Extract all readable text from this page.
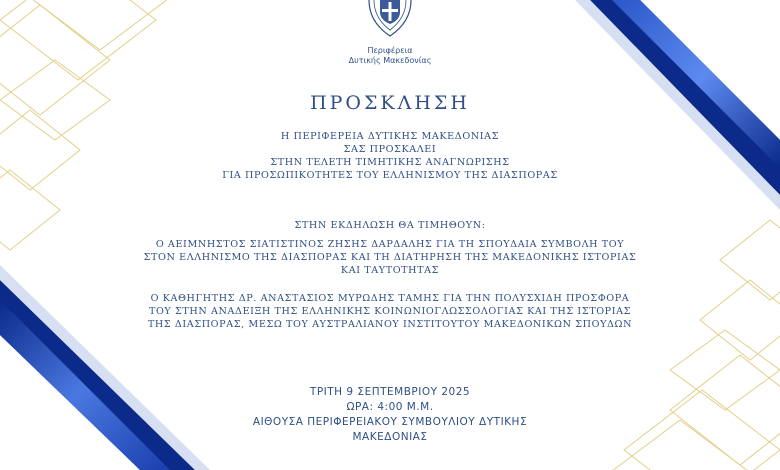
Περιφέρεια
Δυτικής Μακεδονίας
ΠΡΟΣΚΛΗΣΗ
Η ΠΕΡΙΦΕΡΕΙΑ ΔΥΤΙΚΗΣ ΜΑΚΕΔΟΝΙΑΣ
ΣΑΣ ΠΡΟΣΚΑΛΕΙ
ΣΤΗΝ ΤΕΛΕΤΗ ΤΙΜΗΤΙΚΗΣ ΑΝΑΓΝΩΡΙΣΗΣ
ΓΙΑ ΠΡΟΣΩΠΙΚΟΤΗΤΕΣ ΤΟΥ ΕΛΛΗΝΙΣΜΟΥ ΤΗΣ ΔΙΑΣΠΟΡΑΣ
ΣΤΗΝ ΕΚΔΗΛΩΣΗ ΘΑ ΤΙΜΗΘΟΥΝ:
Ο ΑΕΙΜΝΗΣΤΟΣ ΣΙΑΤΙΣΤΙΝΟΣ ΖΗΣΗΣ ΔΑΡΔΑΛΗΣ ΓΙΑ ΤΗ ΣΠΟΥΔΑΙΑ ΣΥΜΒΟΛΗ ΤΟΥ
ΣΤΟΝ ΕΛΛΗΝΙΣΜΟ ΤΗΣ ΔΙΑΣΠΟΡΑΣ ΚΑΙ ΤΗ ΔΙΑΤΗΡΗΣΗ ΤΗΣ ΜΑΚΕΔΟΝΙΚΗΣ ΙΣΤΟΡΙΑΣ
ΚΑΙ ΤΑΥΤΟΤΗΤΑΣ
Ο ΚΑΘΗΓΗΤΗΣ ΔΡ. ΑΝΑΣΤΑΣΙΟΣ ΜΥΡΩΔΗΣ ΤΑΜΗΣ ΓΙΑ ΤΗΝ ΠΟΛΥΣΧΙΔΗ ΠΡΟΣΦΟΡΑ
ΤΟΥ ΣΤΗΝ ΑΝΑΔΕΙΞΗ ΤΗΣ ΕΛΛΗΝΙΚΗΣ ΚΟΙΝΩΝΙΟΓΛΩΣΣΟΛΟΓΙΑΣ ΚΑΙ ΤΗΣ ΙΣΤΟΡΙΑΣ
ΤΗΣ ΔΙΑΣΠΟΡΑΣ, ΜΕΣΩ ΤΟΥ ΑΥΣΤΡΑΛΙΑΝΟΥ ΙΝΣΤΙΤΟΥΤΟΥ ΜΑΚΕΔΟΝΙΚΩΝ ΣΠΟΥΔΩΝ
ΤΡΙΤΗ 9 ΣΕΠΤΕΜΒΡΙΟΥ 2025
ΩΡΑ: 4:00 Μ.Μ.
ΑΙΘΟΥΣΑ ΠΕΡΙΦΕΡΕΙΑΚΟΥ ΣΥΜΒΟΥΛΙΟΥ ΔΥΤΙΚΗΣ
ΜΑΚΕΔΟΝΙΑΣ
